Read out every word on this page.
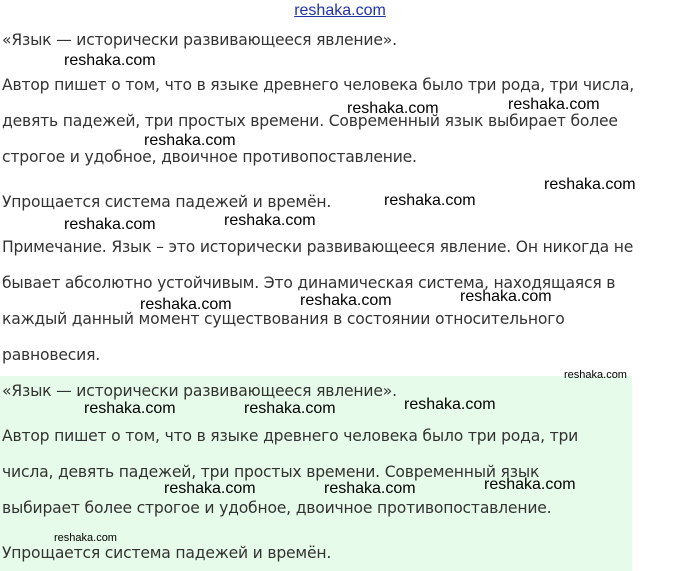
reshaka.com
«Язык — исторически развивающееся явление».
Автор пишет о том, что в языке древнего человека было три рода, три числа,
девять падежей, три простых времени. Современный язык выбирает более
строгое и удобное, двоичное противопоставление.
Упрощается система падежей и времён.
Примечание. Язык – это исторически развивающееся явление. Он никогда не
бывает абсолютно устойчивым. Это динамическая система, находящаяся в
каждый данный момент существования в состоянии относительного
равновесия.
«Язык — исторически развивающееся явление».
Автор пишет о том, что в языке древнего человека было три рода, три
числа, девять падежей, три простых времени. Современный язык
выбирает более строгое и удобное, двоичное противопоставление.
Упрощается система падежей и времён.
reshaka.com
reshaka.com	reshaka.com
reshaka.com
reshaka.com
reshaka.com
reshaka.com
reshaka.com
reshaka.com
reshaka.com
reshaka.com
reshaka.com
reshaka.com
reshaka.com
reshaka.com
reshaka.com
reshaka.com
reshaka.com
reshaka.com
